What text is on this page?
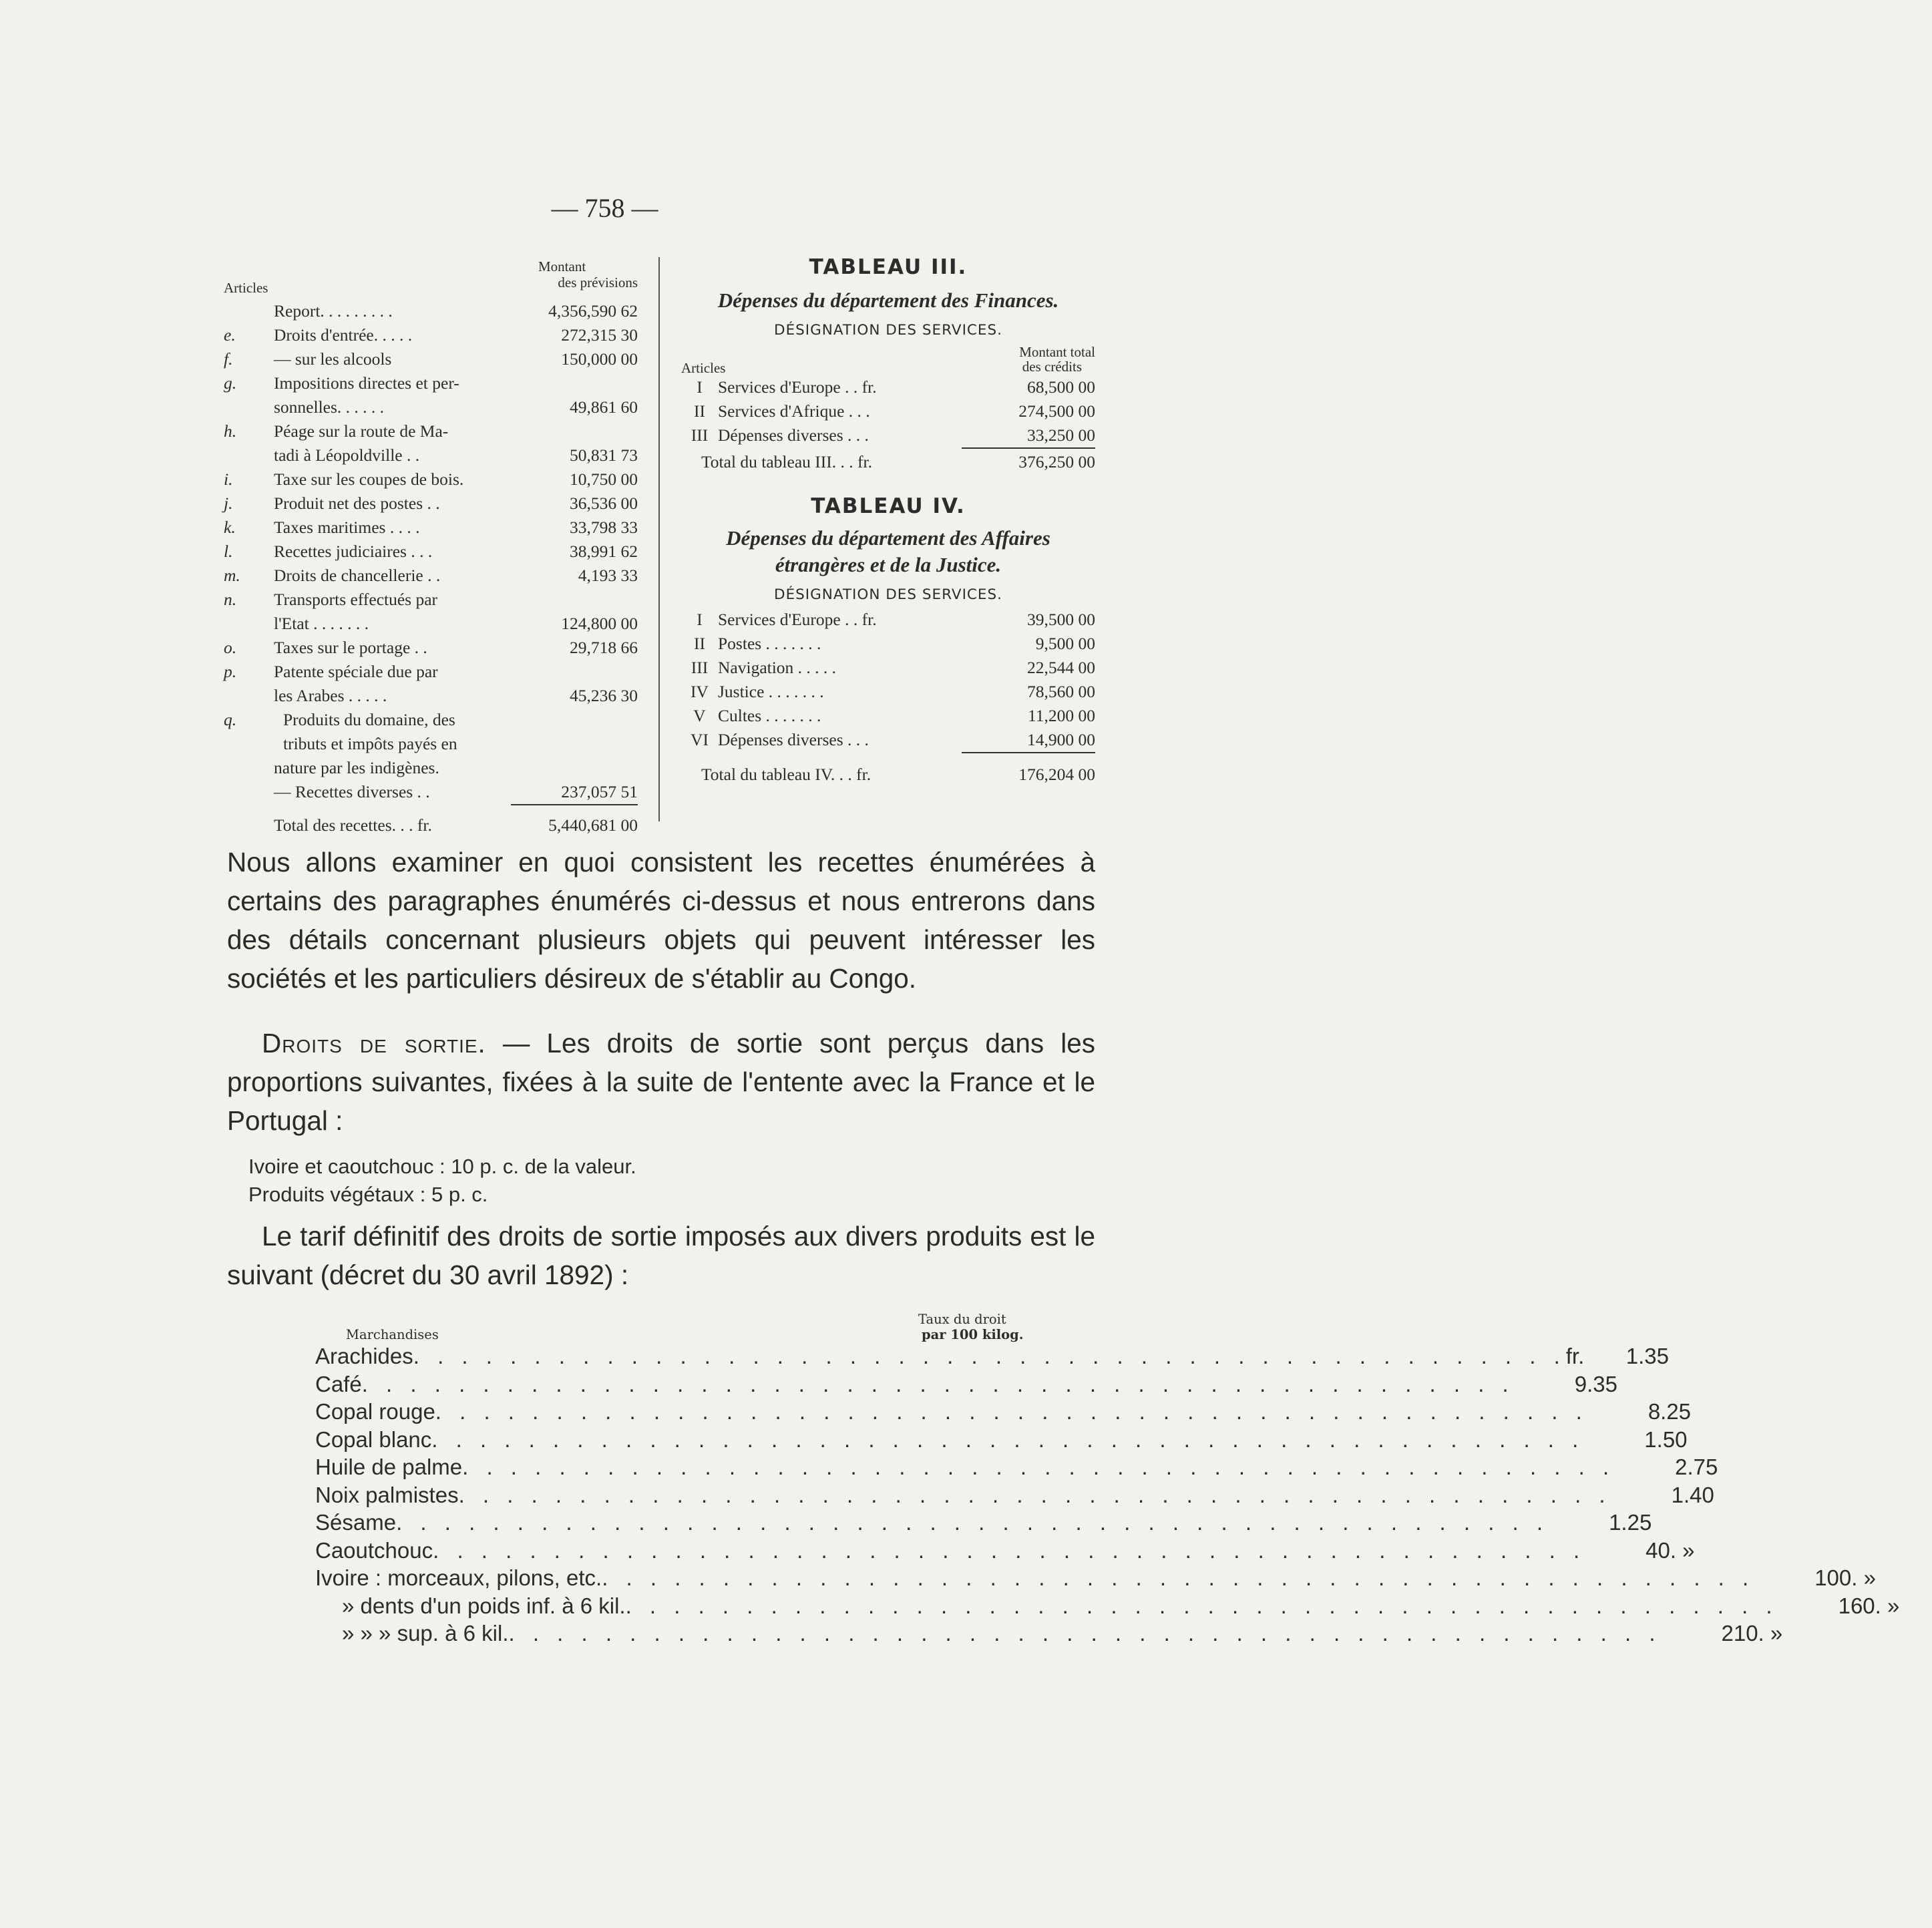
— 758 —
Articles
Montant
des prévisions
Report. . . . . . . . .	4,356,590 62
e.	Droits d'entrée. . . . .	272,315 30
f.	— sur les alcools	150,000 00
g.	Impositions directes et per-
sonnelles. . . . . .	49,861 60
h.	Péage sur la route de Ma-
tadi à Léopoldville . .	50,831 73
i.	Taxe sur les coupes de bois.	10,750 00
j.	Produit net des postes . .	36,536 00
k.	Taxes maritimes . . . .	33,798 33
l.	Recettes judiciaires . . .	38,991 62
m.	Droits de chancellerie . .	4,193 33
n.	Transports effectués par
l'Etat . . . . . . .	124,800 00
o.	Taxes sur le portage . .	29,718 66
p.	Patente spéciale due par
les Arabes . . . . .	45,236 30
q.	Produits du domaine, des
tributs et impôts payés en
nature par les indigènes.
— Recettes diverses . .	237,057 51
Total des recettes. . . fr.	5,440,681 00
TABLEAU III.
Dépenses du département des Finances.
DÉSIGNATION DES SERVICES.
Montant total
des crédits
Articles
I Services d'Europe . . fr.	68,500 00
II Services d'Afrique . . .	274,500 00
III Dépenses diverses . . .	33,250 00
Total du tableau III. . . fr.	376,250 00
TABLEAU IV.
Dépenses du département des Affaires
étrangères et de la Justice.
DÉSIGNATION DES SERVICES.
I Services d'Europe . . fr.	39,500 00
II Postes . . . . . . .	9,500 00
III Navigation . . . . .	22,544 00
IV Justice . . . . . . .	78,560 00
V Cultes . . . . . . .	11,200 00
VI Dépenses diverses . . .	14,900 00
Total du tableau IV. . . fr.	176,204 00

Nous allons examiner en quoi consistent les recettes énumérées à certains des paragraphes énumérés ci-dessus et nous entrerons dans des détails concernant plusieurs objets qui peuvent intéresser les sociétés et les particuliers désireux de s'établir au Congo.

Droits de sortie. — Les droits de sortie sont perçus dans les proportions suivantes, fixées à la suite de l'entente avec la France et le Portugal :

Ivoire et caoutchouc : 10 p. c. de la valeur.
Produits végétaux : 5 p. c.

Le tarif définitif des droits de sortie imposés aux divers produits est le suivant (décret du 30 avril 1892) :

Marchandises
Taux du droit
par 100 kilog.
Arachides . . . . . . . . . . . . . . . . . . . . . . . . . . . . . . . . . . . . . . . . . . . . . . . . fr.	1.35
Café . . . . . . . . . . . . . . . . . . . . . . . . . . . . . . . . . . . . . . . . . . . . . . . .	9.35
Copal rouge . . . . . . . . . . . . . . . . . . . . . . . . . . . . . . . . . . . . . . . . . . . . . . . .	8.25
Copal blanc . . . . . . . . . . . . . . . . . . . . . . . . . . . . . . . . . . . . . . . . . . . . . . . .	1.50
Huile de palme . . . . . . . . . . . . . . . . . . . . . . . . . . . . . . . . . . . . . . . . . . . . . . . .	2.75
Noix palmistes . . . . . . . . . . . . . . . . . . . . . . . . . . . . . . . . . . . . . . . . . . . . . . . .	1.40
Sésame . . . . . . . . . . . . . . . . . . . . . . . . . . . . . . . . . . . . . . . . . . . . . . . .	1.25
Caoutchouc . . . . . . . . . . . . . . . . . . . . . . . . . . . . . . . . . . . . . . . . . . . . . . . .	40. »
Ivoire : morceaux, pilons, etc. . . . . . . . . . . . . . . . . . . . . . . . . . . . . . . . . . . . . . . . . . . . . . . . .	100. »
» dents d'un poids inf. à 6 kil. . . . . . . . . . . . . . . . . . . . . . . . . . . . . . . . . . . . . . . . . . . . . . . . .	160. »
» » » sup. à 6 kil. . . . . . . . . . . . . . . . . . . . . . . . . . . . . . . . . . . . . . . . . . . . . . . . .	210. »
